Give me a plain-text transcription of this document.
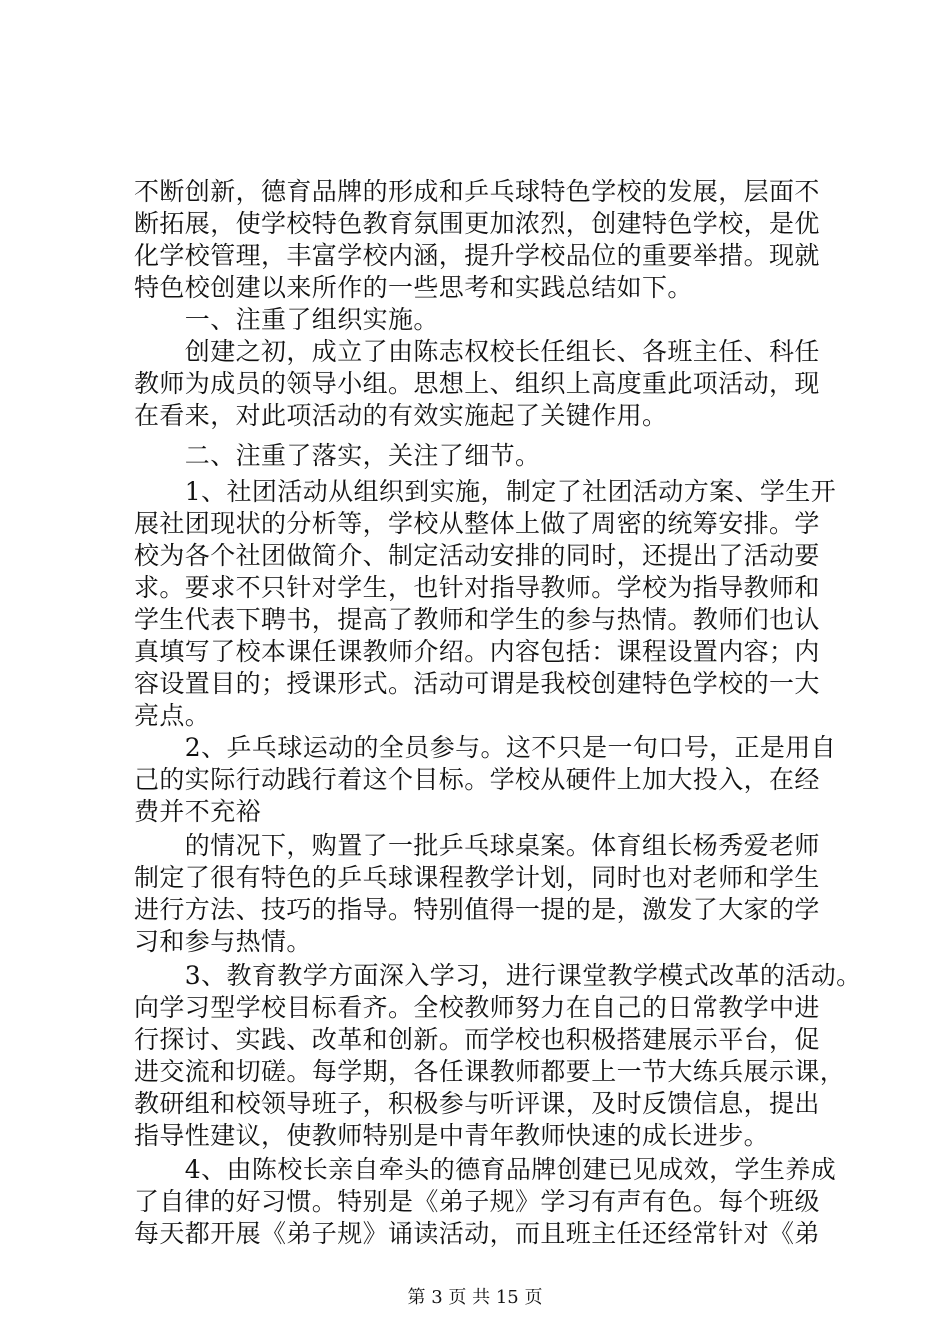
不断创新，德育品牌的形成和乒乓球特色学校的发展，层面不
断拓展，使学校特色教育氛围更加浓烈，创建特色学校，是优
化学校管理，丰富学校内涵，提升学校品位的重要举措。现就
特色校创建以来所作的一些思考和实践总结如下。
　　一、注重了组织实施。
　　创建之初，成立了由陈志权校长任组长、各班主任、科任
教师为成员的领导小组。思想上、组织上高度重此项活动，现
在看来，对此项活动的有效实施起了关键作用。
　　二、注重了落实，关注了细节。
　　1、社团活动从组织到实施，制定了社团活动方案、学生开
展社团现状的分析等，学校从整体上做了周密的统筹安排。学
校为各个社团做简介、制定活动安排的同时，还提出了活动要
求。要求不只针对学生，也针对指导教师。学校为指导教师和
学生代表下聘书，提高了教师和学生的参与热情。教师们也认
真填写了校本课任课教师介绍。内容包括：课程设置内容；内
容设置目的；授课形式。活动可谓是我校创建特色学校的一大
亮点。
　　2、乒乓球运动的全员参与。这不只是一句口号，正是用自
己的实际行动践行着这个目标。学校从硬件上加大投入，在经
费并不充裕
　　的情况下，购置了一批乒乓球桌案。体育组长杨秀爱老师
制定了很有特色的乒乓球课程教学计划，同时也对老师和学生
进行方法、技巧的指导。特别值得一提的是，激发了大家的学
习和参与热情。
　　3、教育教学方面深入学习，进行课堂教学模式改革的活动。
向学习型学校目标看齐。全校教师努力在自己的日常教学中进
行探讨、实践、改革和创新。而学校也积极搭建展示平台，促
进交流和切磋。每学期，各任课教师都要上一节大练兵展示课，
教研组和校领导班子，积极参与听评课，及时反馈信息，提出
指导性建议，使教师特别是中青年教师快速的成长进步。
　　4、由陈校长亲自牵头的德育品牌创建已见成效，学生养成
了自律的好习惯。特别是《弟子规》学习有声有色。每个班级
每天都开展《弟子规》诵读活动，而且班主任还经常针对《弟
第 3 页 共 15 页
